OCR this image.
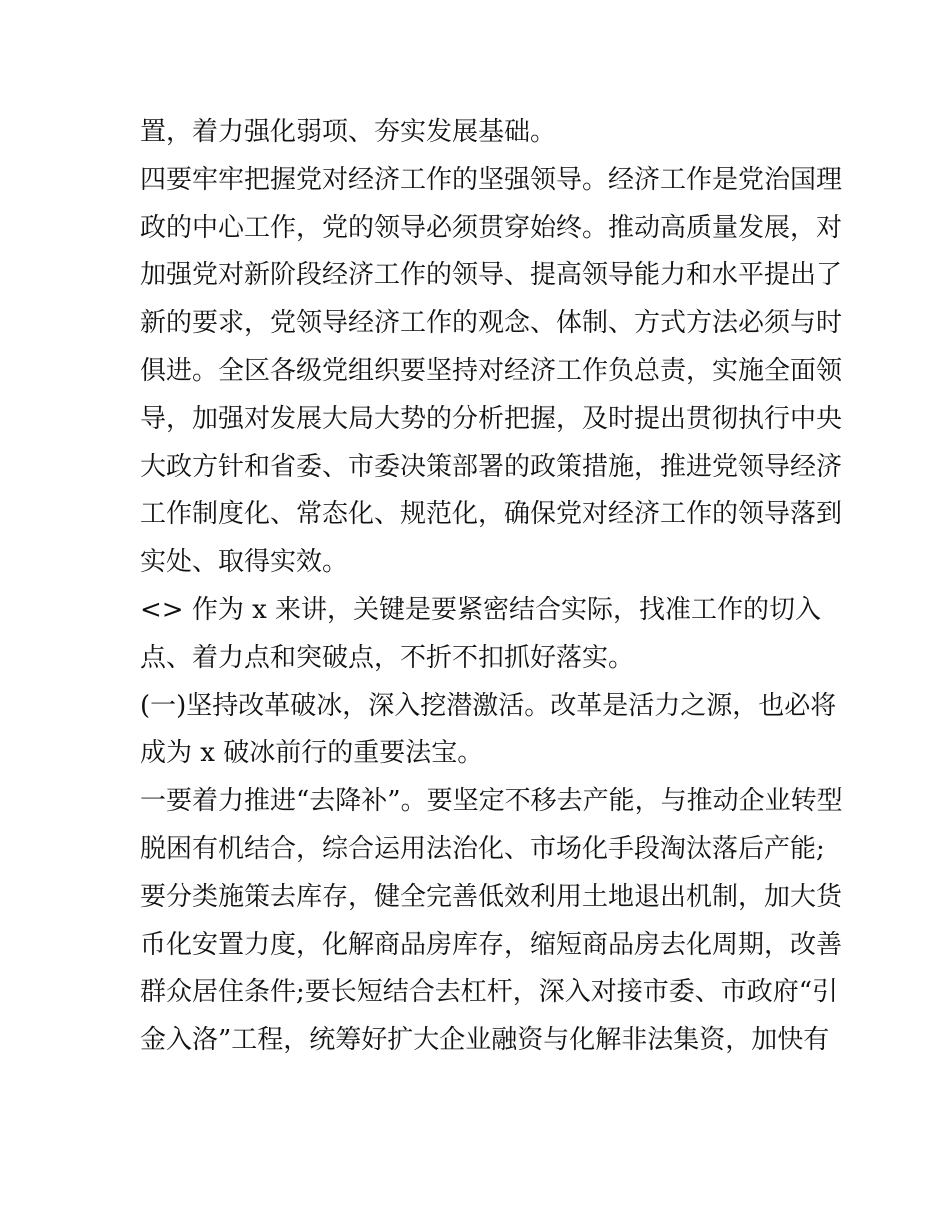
置，着力强化弱项、夯实发展基础。

四要牢牢把握党对经济工作的坚强领导。经济工作是党治国理

政的中心工作，党的领导必须贯穿始终。推动高质量发展，对

加强党对新阶段经济工作的领导、提高领导能力和水平提出了

新的要求，党领导经济工作的观念、体制、方式方法必须与时

俱进。全区各级党组织要坚持对经济工作负总责，实施全面领

导，加强对发展大局大势的分析把握，及时提出贯彻执行中央

大政方针和省委、市委决策部署的政策措施，推进党领导经济

工作制度化、常态化、规范化，确保党对经济工作的领导落到

实处、取得实效。

<> 作为 x 来讲，关键是要紧密结合实际，找准工作的切入

点、着力点和突破点，不折不扣抓好落实。

(一)坚持改革破冰，深入挖潜激活。改革是活力之源，也必将

成为 x 破冰前行的重要法宝。

一要着力推进“去降补”。要坚定不移去产能，与推动企业转型

脱困有机结合，综合运用法治化、市场化手段淘汰落后产能;

要分类施策去库存，健全完善低效利用土地退出机制，加大货

币化安置力度，化解商品房库存，缩短商品房去化周期，改善

群众居住条件;要长短结合去杠杆，深入对接市委、市政府“引

金入洛”工程，统筹好扩大企业融资与化解非法集资，加快有
